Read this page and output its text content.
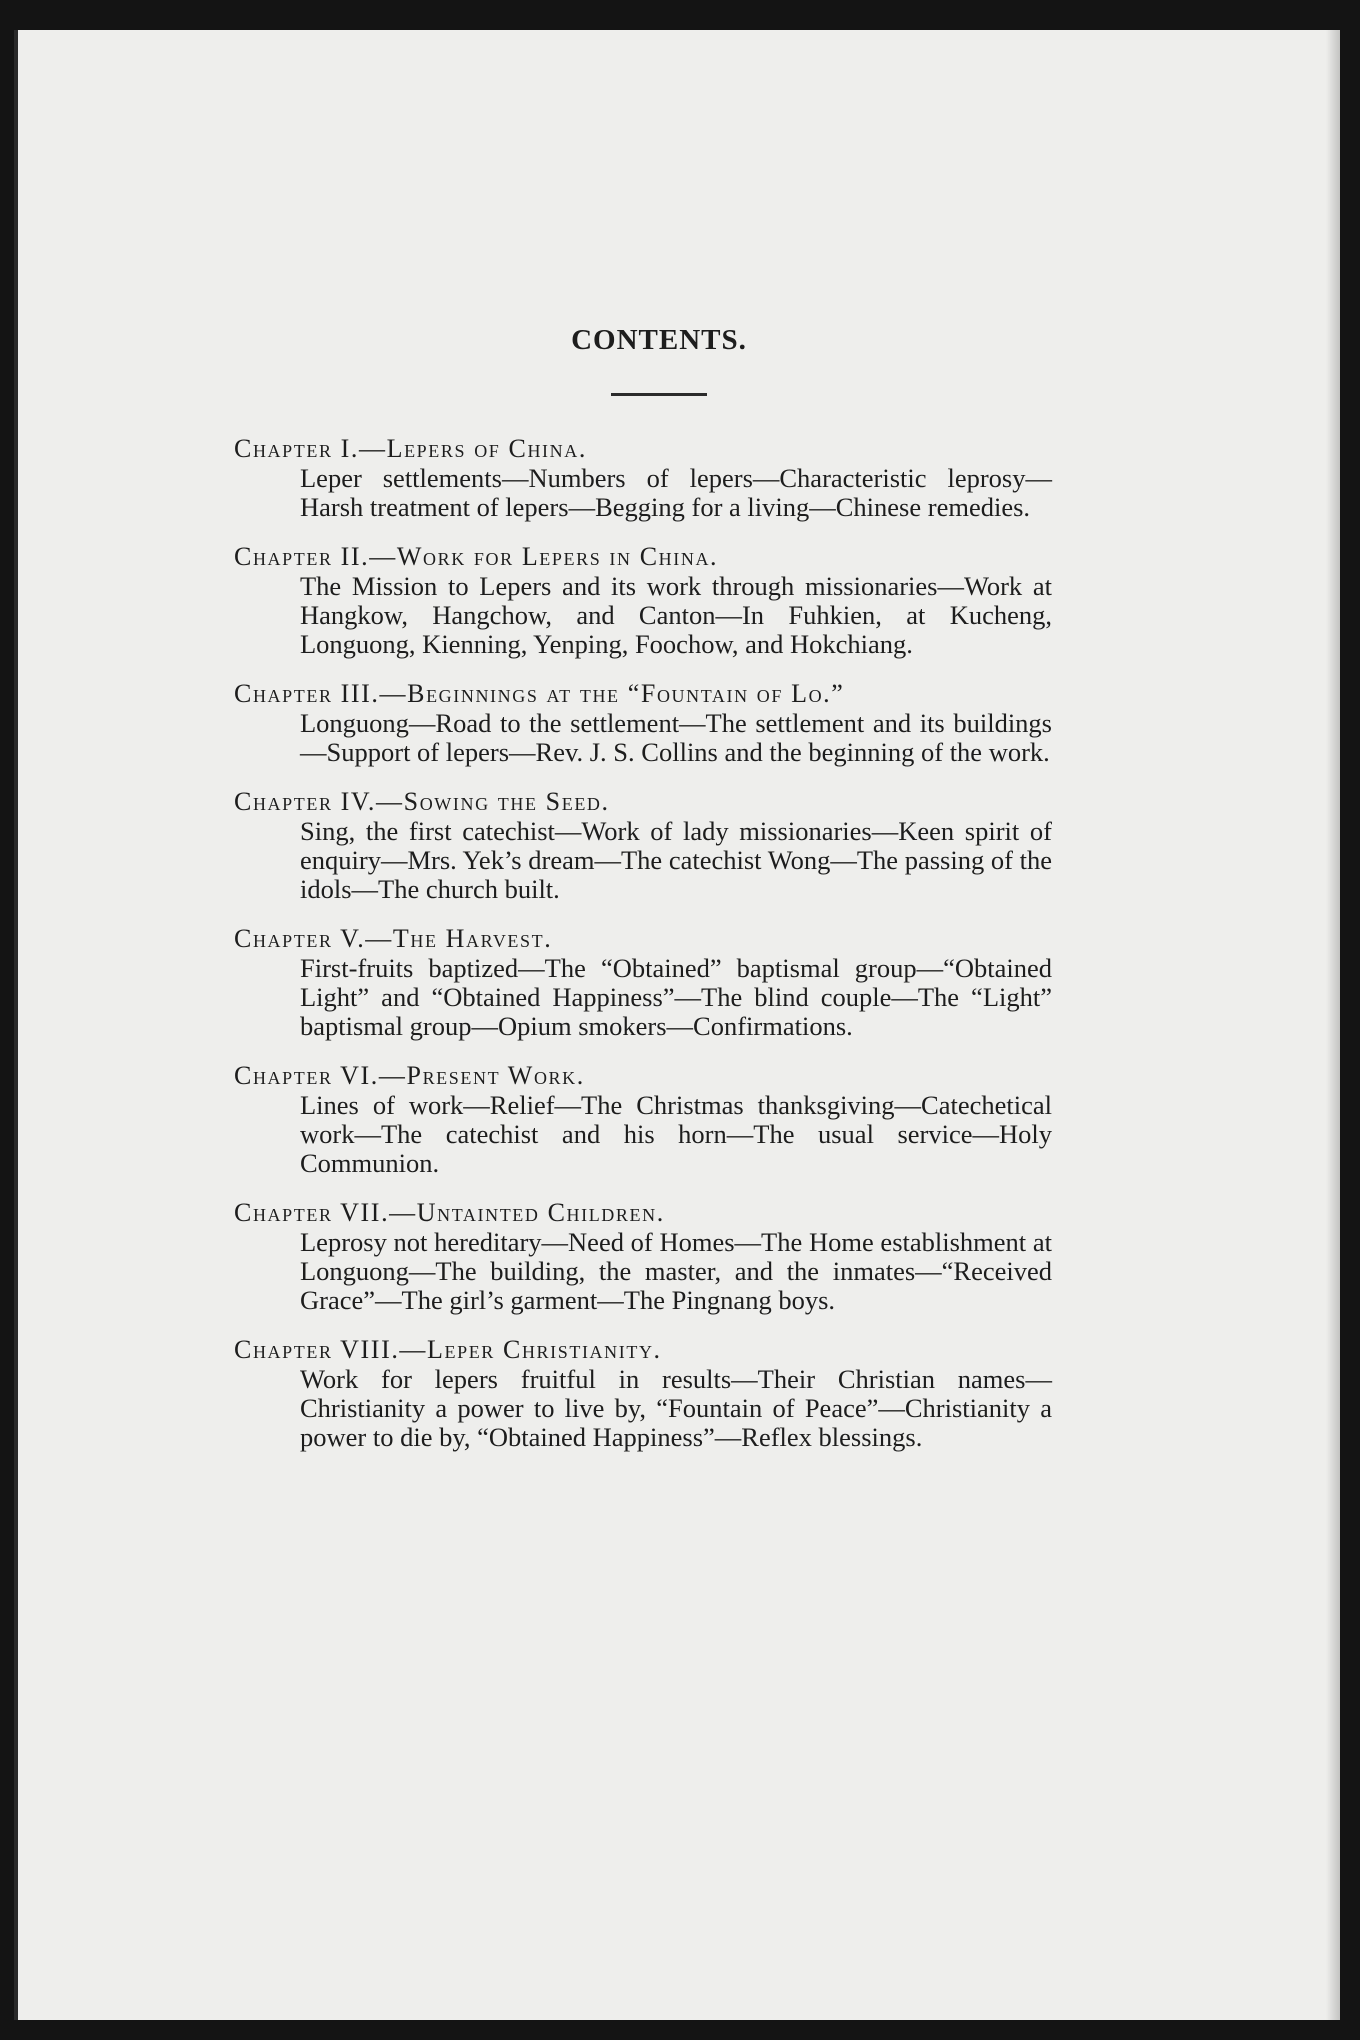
CONTENTS.
Chapter I.—Lepers of China.
Leper settlements—Numbers of lepers—Characteristic leprosy—Harsh treatment of lepers—Begging for a living—Chinese remedies.
Chapter II.—Work for Lepers in China.
The Mission to Lepers and its work through missionaries—Work at Hangkow, Hangchow, and Canton—In Fuhkien, at Kucheng, Longuong, Kienning, Yenping, Foochow, and Hokchiang.
Chapter III.—Beginnings at the “Fountain of Lo.”
Longuong—Road to the settlement—The settlement and its buildings—Support of lepers—Rev. J. S. Collins and the beginning of the work.
Chapter IV.—Sowing the Seed.
Sing, the first catechist—Work of lady missionaries—Keen spirit of enquiry—Mrs. Yek’s dream—The catechist Wong—The passing of the idols—The church built.
Chapter V.—The Harvest.
First-fruits baptized—The “Obtained” baptismal group—“Obtained Light” and “Obtained Happiness”—The blind couple—The “Light” baptismal group—Opium smokers—Confirmations.
Chapter VI.—Present Work.
Lines of work—Relief—The Christmas thanksgiving—Catechetical work—The catechist and his horn—The usual service—Holy Communion.
Chapter VII.—Untainted Children.
Leprosy not hereditary—Need of Homes—The Home establishment at Longuong—The building, the master, and the inmates—“Received Grace”—The girl’s garment—The Pingnang boys.
Chapter VIII.—Leper Christianity.
Work for lepers fruitful in results—Their Christian names—Christianity a power to live by, “Fountain of Peace”—Christianity a power to die by, “Obtained Happiness”—Reflex blessings.
